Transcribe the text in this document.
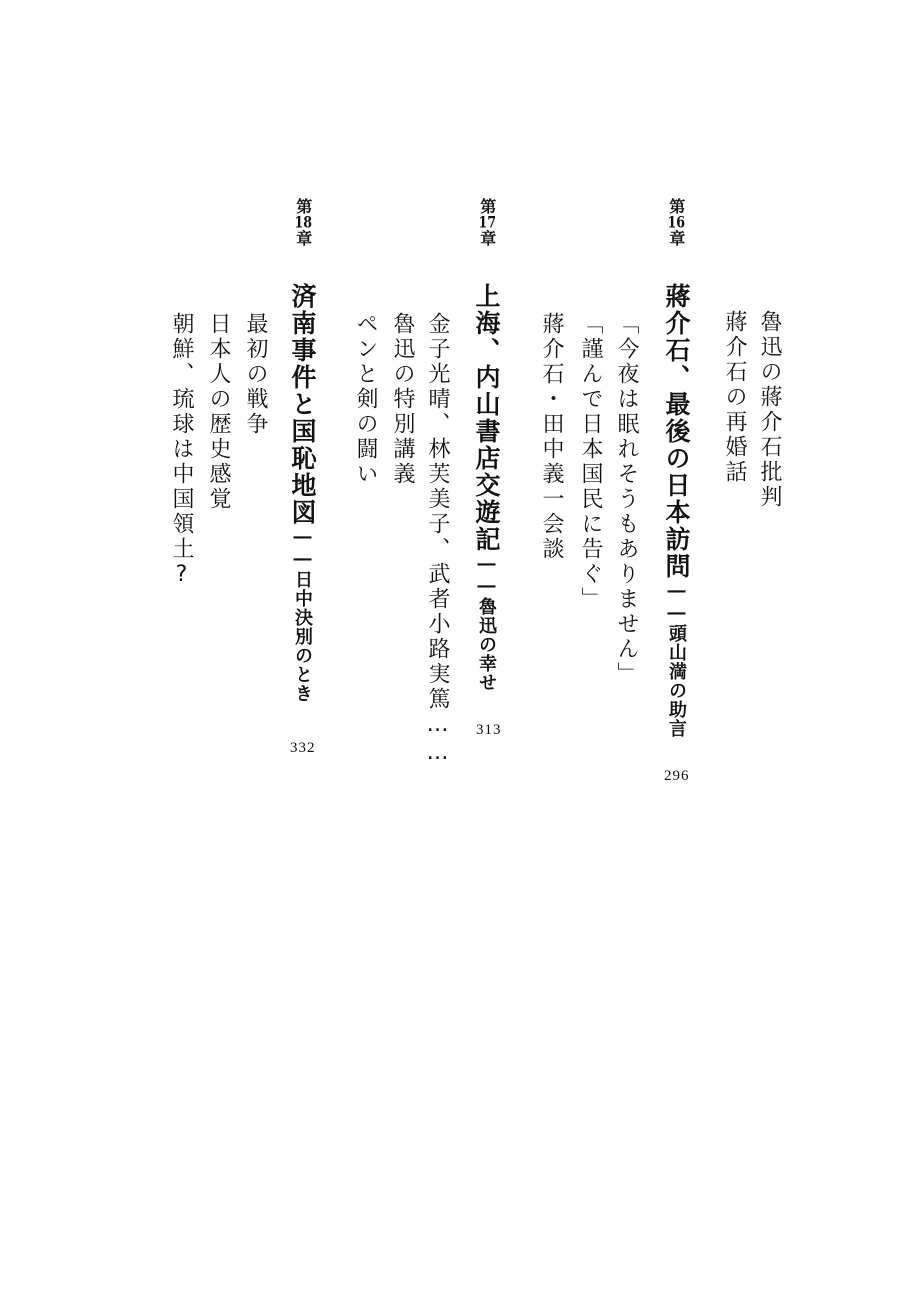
魯迅の蔣介石批判
蔣介石の再婚話
第16章
蔣介石、最後の日本訪問――頭山満の助言
296
「今夜は眠れそうもありません」
「謹んで日本国民に告ぐ」
蔣介石・田中義一会談
第17章
上海、内山書店交遊記――魯迅の幸せ
313
金子光晴、林芙美子、武者小路実篤……
魯迅の特別講義
ペンと剣の闘い
第18章
済南事件と国恥地図――日中決別のとき
332
最初の戦争
日本人の歴史感覚
朝鮮、琉球は中国領土?
